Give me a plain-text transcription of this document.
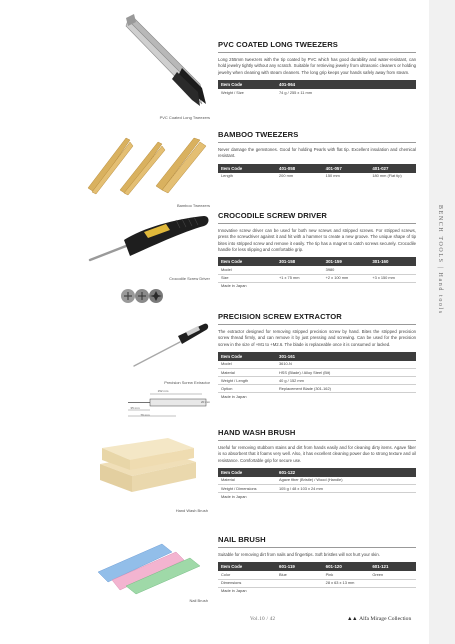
BENCH TOOLS | Hand tools
PVC Coated Long Tweezers
Bamboo Tweezers
Crocodile Screw Driver
Precision Screw Extractor
152 mm
35 mm
76 mm
20 mm
Hand Wash Brush
Nail Brush
PVC COATED LONG TWEEZERS
Long 255mm tweezers with the tip coated by PVC which has good durability and water-resistant, can hold jewelry tightly without any scratch. Suitable for retrieving jewelry from ultrasonic cleaners or holding jewelry when cleaning with steam cleaners. The long grip keeps your hands safely away from steam.
Item Code	401-064
Weight / Size	74 g / 255 x 11 mm
BAMBOO TWEEZERS
Never damage the gemstones. Good for holding Pearls with flat tip. Excellent insulation and chemical resistant.
Item Code	401-058	401-057	401-027
Length	200 mm	150 mm	180 mm (Flat tip)
CROCODILE SCREW DRIVER
Innovative screw driver can be used for both new screws and stripped screws. For stripped screws, press the screwdriver against it and hit with a hammer to create a new groove. The unique shape of tip bites into stripped screw and remove it easily. The tip has a magnet to catch screws securely. Crocodile handle for less slipping and comfortable grip.
Item Code	301-158	301-159	301-160
Model		3980	
Size	+1 x 75 mm	+2 x 100 mm	+3 x 150 mm
Made in Japan			
PRECISION SCREW EXTRACTOR
The extractor designed for removing stripped precision screw by hand. Bites the stripped precision screw thread firmly, and can remove it by just pressing and screwing. Can be used for the precision screw in the size of +M1 to +M2.6. The blade is replaceable once it is consumed or lacked.
Item Code	301-161
Model	3610-N
Material	HSS (Blade) / Alloy Steel (Bit)
Weight / Length	40 g / 152 mm
Option	Replacement Blade (301-162)
Made in Japan	
HAND WASH BRUSH
Useful for removing stubborn stains and dirt from hands easily and for cleaning dirty items. Agave fiber is so absorbent that it foams very well. Also, it has excellent cleaning power due to strong texture and oil resistance. Comfortable grip for secure use.
Item Code	601-122
Material	Agave fiber (Bristle) / Wood (Handle)
Weight / Dimensions	105 g / 48 x 103 x 24 mm
Made in Japan	
NAIL BRUSH
Suitable for removing dirt from nails and fingertips. Soft bristles will not hurt your skin.
Item Code	601-119	601-120	601-121
Color	Blue	Pink	Green
Dimensions		28 x 63 x 13 mm	
Made in Japan			
Vol.10 / 42	▲▲ Alfa Mirage Collection
